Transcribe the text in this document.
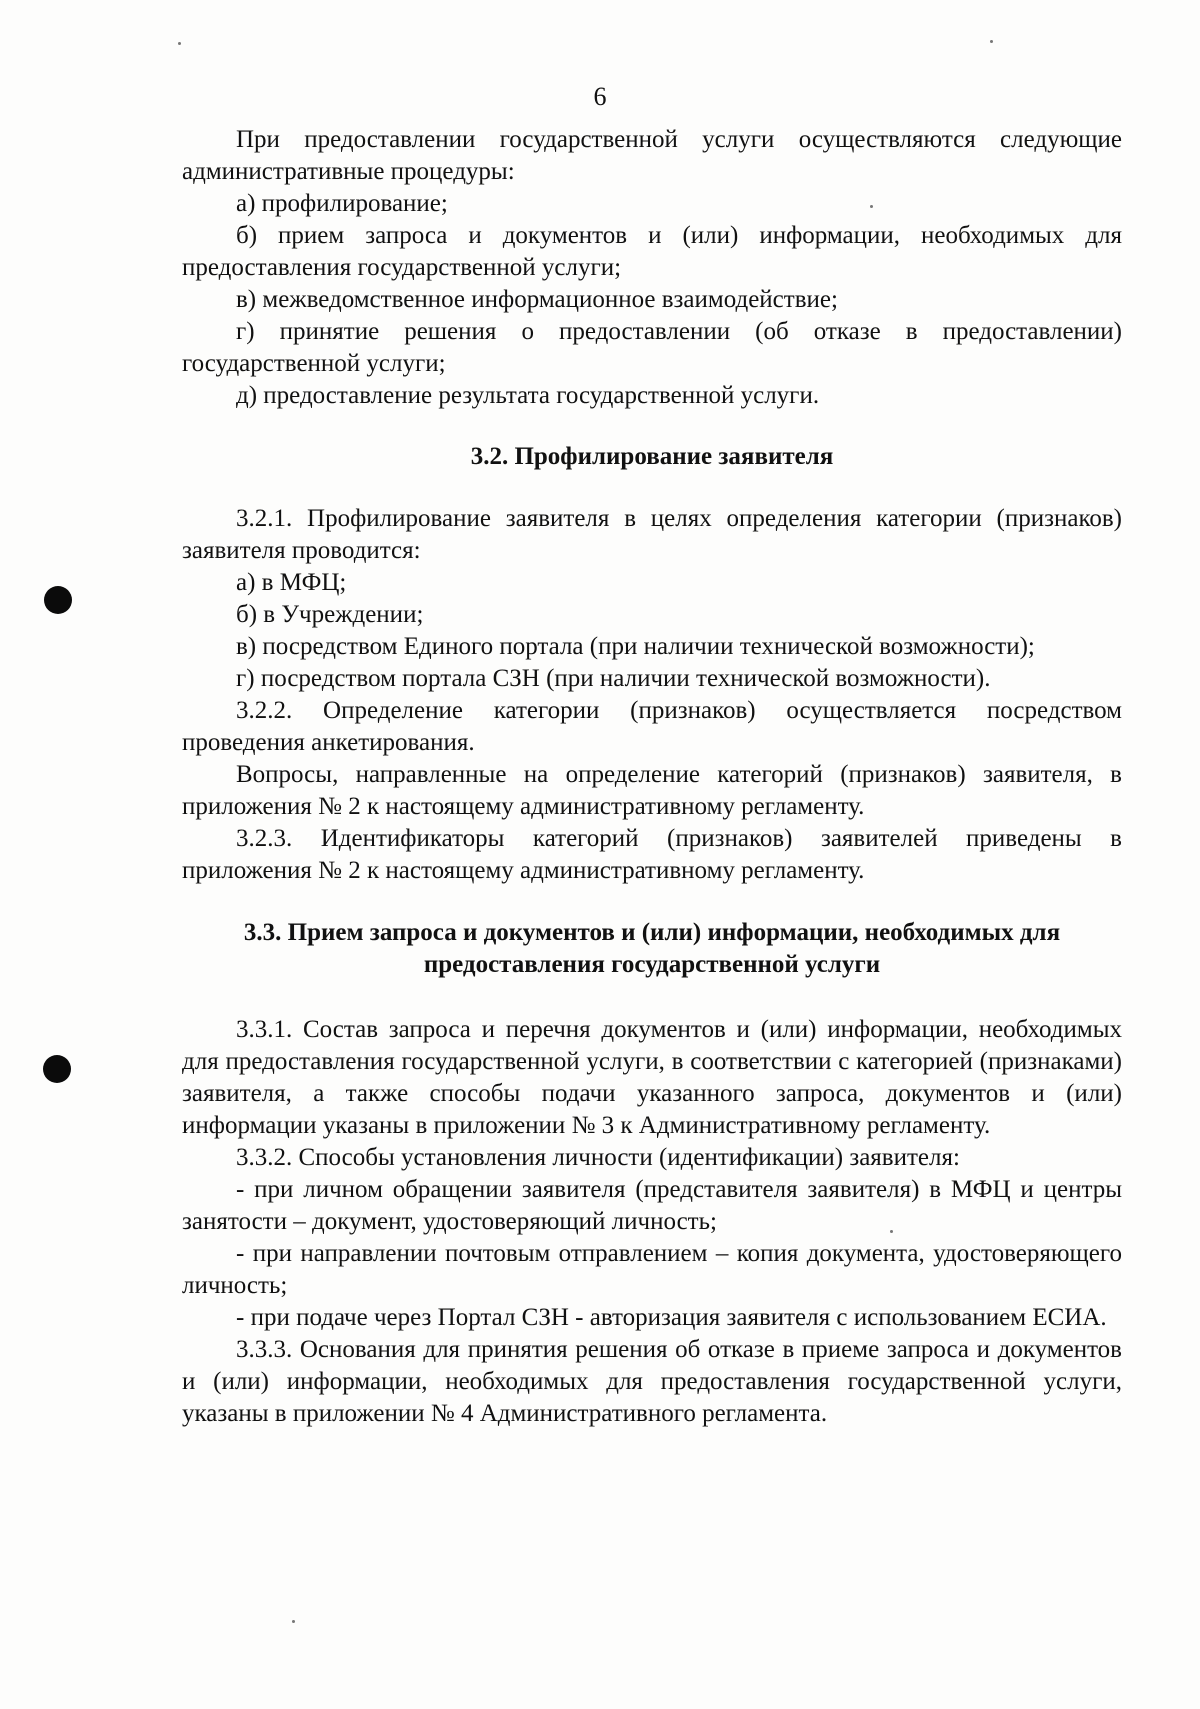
6

При предоставлении государственной услуги осуществляются следующие административные процедуры:

а) профилирование;

б) прием запроса и документов и (или) информации, необходимых для предоставления государственной услуги;

в) межведомственное информационное взаимодействие;

г) принятие решения о предоставлении (об отказе в предоставлении) государственной услуги;

д) предоставление результата государственной услуги.

3.2. Профилирование заявителя

3.2.1. Профилирование заявителя в целях определения категории (признаков) заявителя проводится:

а) в МФЦ;

б) в Учреждении;

в) посредством Единого портала (при наличии технической возможности);

г) посредством портала СЗН (при наличии технической возможности).

3.2.2. Определение категории (признаков) осуществляется посредством проведения анкетирования.

Вопросы, направленные на определение категорий (признаков) заявителя, в приложения № 2 к настоящему административному регламенту.

3.2.3. Идентификаторы категорий (признаков) заявителей приведены в приложения № 2 к настоящему административному регламенту.

3.3. Прием запроса и документов и (или) информации, необходимых для предоставления государственной услуги

3.3.1. Состав запроса и перечня документов и (или) информации, необходимых для предоставления государственной услуги, в соответствии с категорией (признаками) заявителя, а также способы подачи указанного запроса, документов и (или) информации указаны в приложении № 3 к Административному регламенту.

3.3.2. Способы установления личности (идентификации) заявителя:

- при личном обращении заявителя (представителя заявителя) в МФЦ и центры занятости – документ, удостоверяющий личность;

- при направлении почтовым отправлением – копия документа, удостоверяющего личность;

- при подаче через Портал СЗН - авторизация заявителя с использованием ЕСИА.

3.3.3. Основания для принятия решения об отказе в приеме запроса и документов и (или) информации, необходимых для предоставления государственной услуги, указаны в приложении № 4 Административного регламента.
